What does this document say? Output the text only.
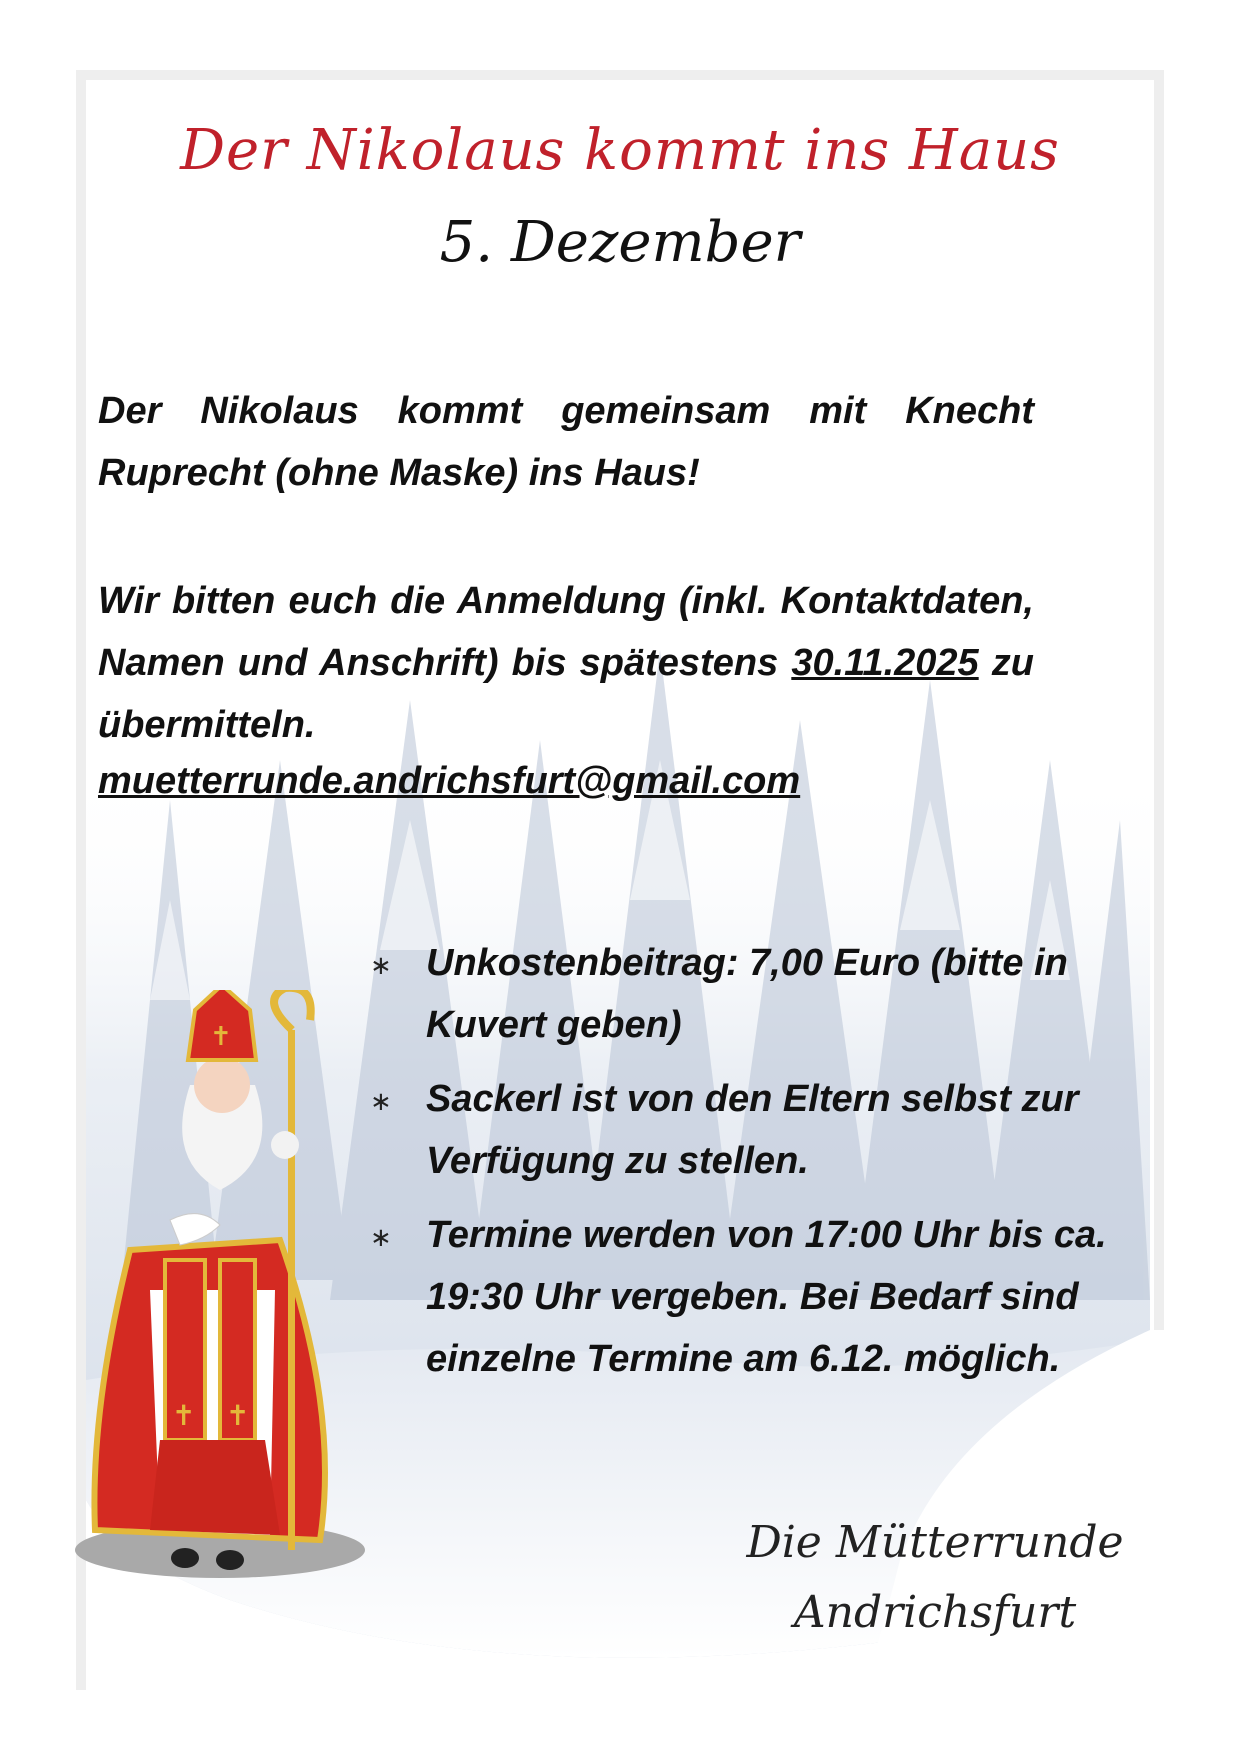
Der Nikolaus kommt ins Haus
5. Dezember
Der Nikolaus kommt gemeinsam mit Knecht Ruprecht (ohne Maske) ins Haus!
Wir bitten euch die Anmeldung (inkl. Kontaktdaten, Namen und Anschrift) bis spätestens 30.11.2025 zu übermitteln.
muetterrunde.andrichsfurt@gmail.com
∗ Unkostenbeitrag: 7,00 Euro (bitte in Kuvert geben)
∗ Sackerl ist von den Eltern selbst zur Verfügung zu stellen.
∗ Termine werden von 17:00 Uhr bis ca. 19:30 Uhr vergeben. Bei Bedarf sind einzelne Termine am 6.12. möglich.
✝ ✝
✝
Die Mütterrunde
Andrichsfurt
